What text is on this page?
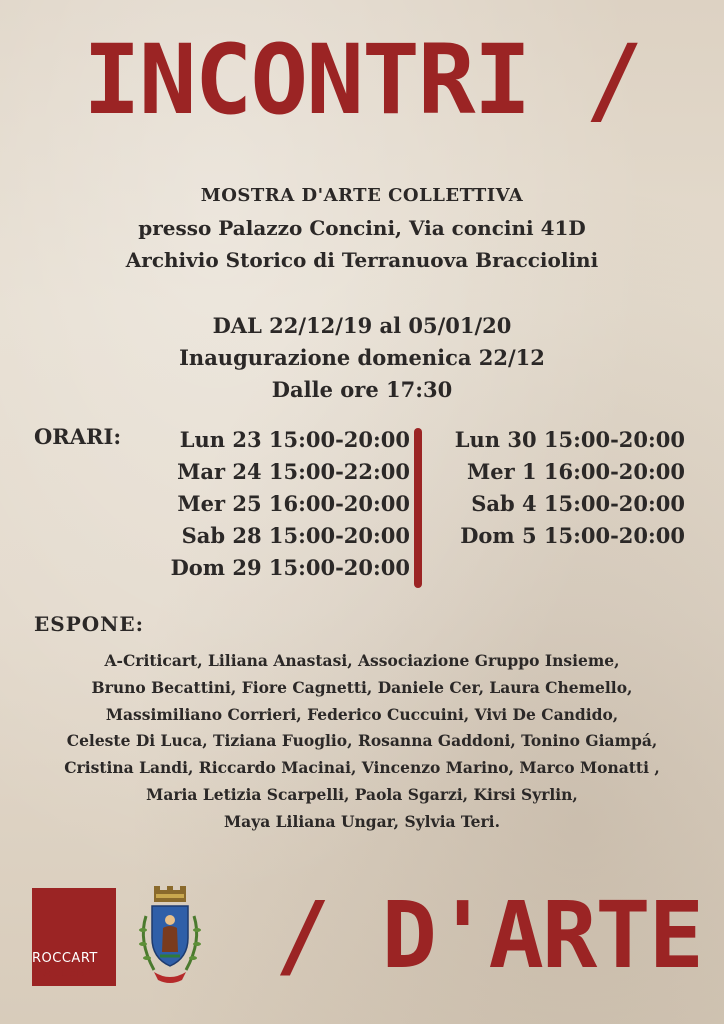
INCONTRI /
MOSTRA D'ARTE COLLETTIVA
presso Palazzo Concini, Via concini 41D
Archivio Storico di Terranuova Bracciolini
DAL 22/12/19 al 05/01/20
Inaugurazione domenica 22/12
Dalle ore 17:30
ORARI:	Lun 23 15:00-20:00
Mar 24 15:00-22:00
Mer 25 16:00-20:00
Sab 28 15:00-20:00
Dom 29 15:00-20:00
Lun 30 15:00-20:00
Mer 1 16:00-20:00
Sab 4 15:00-20:00
Dom 5 15:00-20:00
ESPONE:
A-Criticart, Liliana Anastasi, Associazione Gruppo Insieme,
Bruno Becattini, Fiore Cagnetti, Daniele Cer, Laura Chemello,
Massimiliano Corrieri, Federico Cuccuini, Vivi De Candido,
Celeste Di Luca, Tiziana Fuoglio, Rosanna Gaddoni, Tonino Giampá,
Cristina Landi, Riccardo Macinai, Vincenzo Marino, Marco Monatti ,
Maria Letizia Scarpelli, Paola Sgarzi, Kirsi Syrlin,
Maya Liliana Ungar, Sylvia Teri.
ROCCART
GALLERY	/ D'ARTE
